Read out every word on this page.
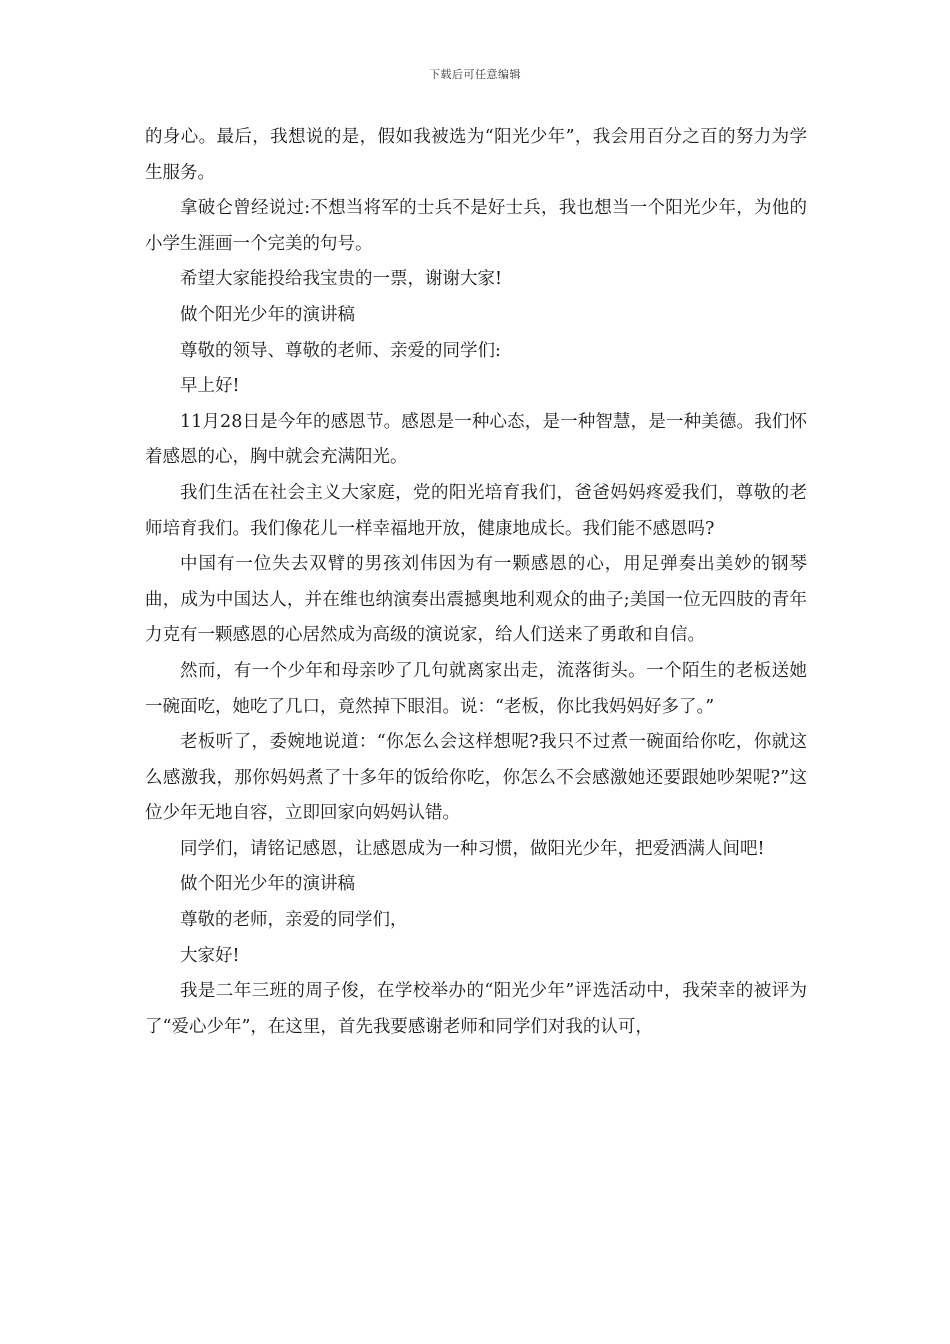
下载后可任意编辑

的身心。最后，我想说的是，假如我被选为“阳光少年”，我会用百分之百的努力为学生服务。

拿破仑曾经说过:不想当将军的士兵不是好士兵，我也想当一个阳光少年，为他的小学生涯画一个完美的句号。

希望大家能投给我宝贵的一票，谢谢大家!

做个阳光少年的演讲稿

尊敬的领导、尊敬的老师、亲爱的同学们:

早上好!

11月28日是今年的感恩节。感恩是一种心态，是一种智慧，是一种美德。我们怀着感恩的心，胸中就会充满阳光。

我们生活在社会主义大家庭，党的阳光培育我们，爸爸妈妈疼爱我们，尊敬的老师培育我们。我们像花儿一样幸福地开放，健康地成长。我们能不感恩吗?

中国有一位失去双臂的男孩刘伟因为有一颗感恩的心，用足弹奏出美妙的钢琴曲，成为中国达人，并在维也纳演奏出震撼奥地利观众的曲子;美国一位无四肢的青年力克有一颗感恩的心居然成为高级的演说家，给人们送来了勇敢和自信。

然而，有一个少年和母亲吵了几句就离家出走，流落街头。一个陌生的老板送她一碗面吃，她吃了几口，竟然掉下眼泪。说：“老板，你比我妈妈好多了。”

老板听了，委婉地说道：“你怎么会这样想呢?我只不过煮一碗面给你吃，你就这么感激我，那你妈妈煮了十多年的饭给你吃，你怎么不会感激她还要跟她吵架呢?”这位少年无地自容，立即回家向妈妈认错。

同学们，请铭记感恩，让感恩成为一种习惯，做阳光少年，把爱洒满人间吧!

做个阳光少年的演讲稿

尊敬的老师，亲爱的同学们，

大家好!

我是二年三班的周子俊，在学校举办的“阳光少年”评选活动中，我荣幸的被评为了“爱心少年”，在这里，首先我要感谢老师和同学们对我的认可，
